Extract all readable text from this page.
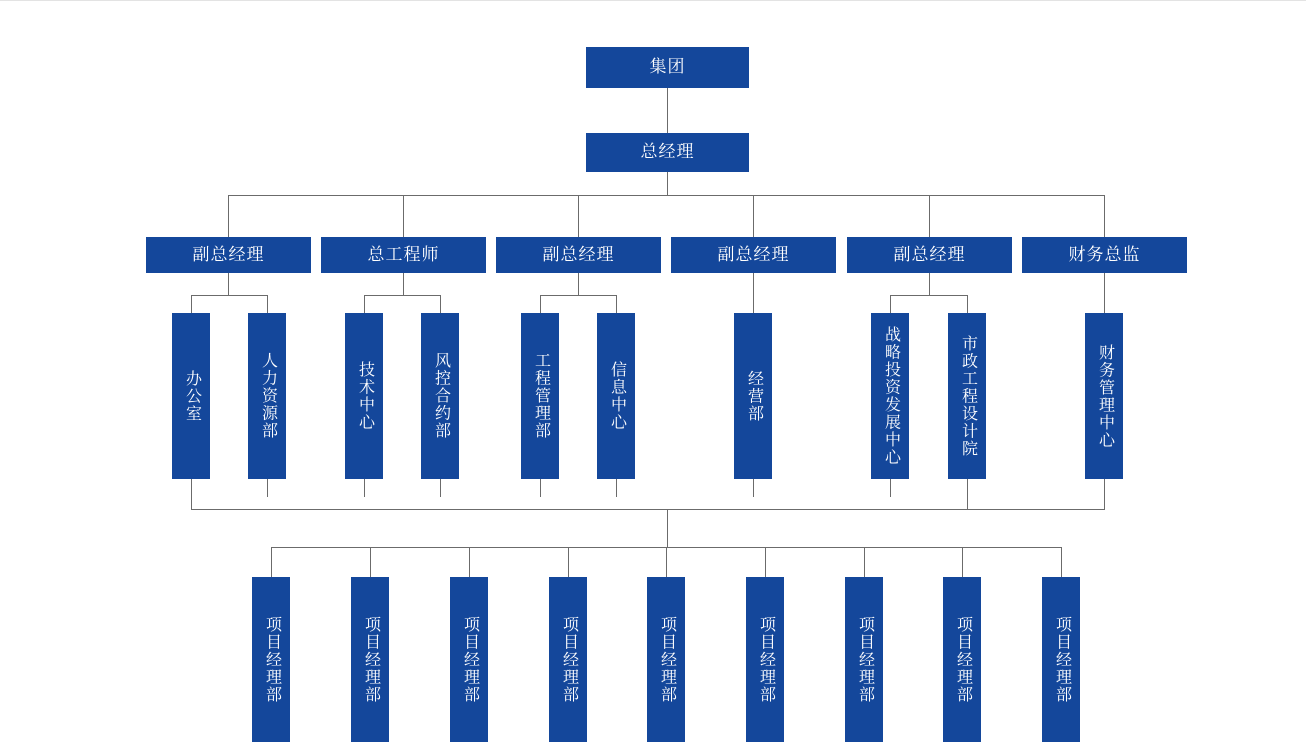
集团
总经理
副总经理	总工程师	副总经理	副总经理	副总经理	财务总监
办公室	人力资源部	技术中心	风控合约部	工程管理部	信息中心	经营部	战略投资发展中心	市政工程设计院	财务管理中心
项目经理部	项目经理部	项目经理部	项目经理部	项目经理部	项目经理部	项目经理部	项目经理部	项目经理部
